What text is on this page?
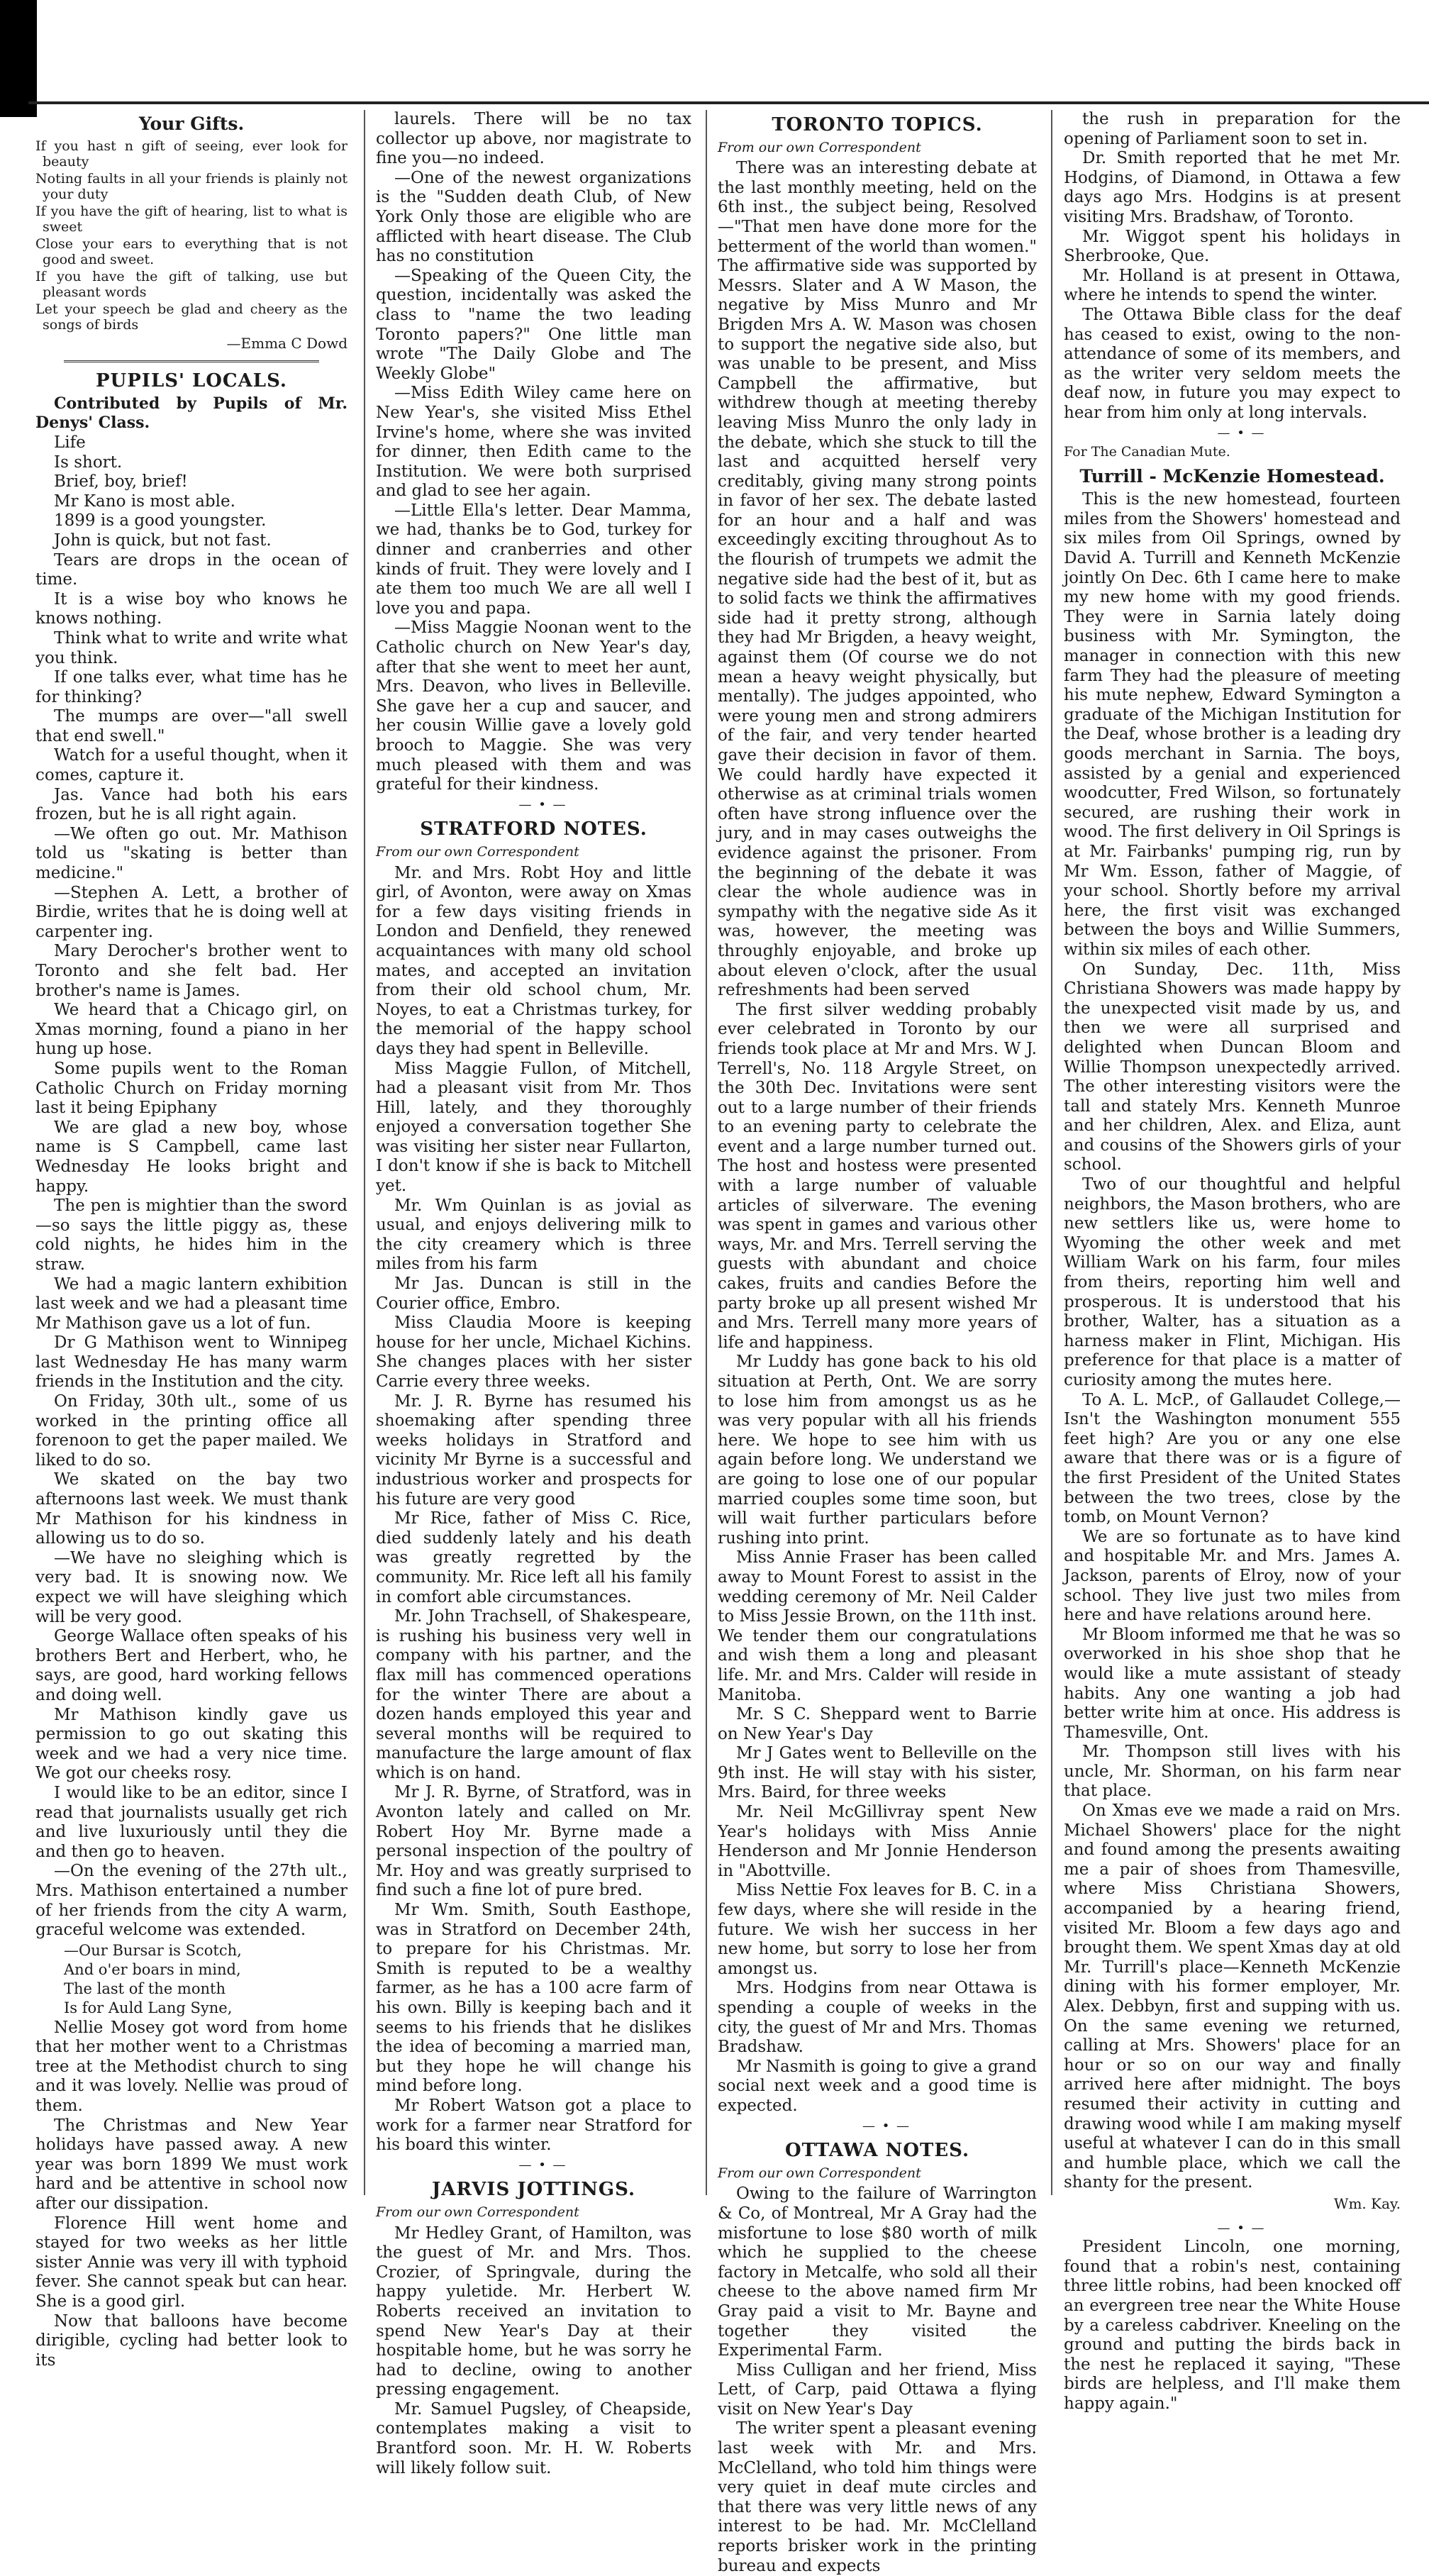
Your Gifts.

If you hast n gift of seeing, ever look for beauty

Noting faults in all your friends is plainly not your duty

If you have the gift of hearing, list to what is sweet

Close your ears to everything that is not good and sweet.

If you have the gift of talking, use but pleasant words

Let your speech be glad and cheery as the songs of birds

—Emma C Dowd

PUPILS' LOCALS.

Contributed by Pupils of Mr. Denys' Class.

Life

Is short.

Brief, boy, brief!

Mr Kano is most able.

1899 is a good youngster.

John is quick, but not fast.

Tears are drops in the ocean of time.

It is a wise boy who knows he knows nothing.

Think what to write and write what you think.

If one talks ever, what time has he for thinking?

The mumps are over—"all swell that end swell."

Watch for a useful thought, when it comes, capture it.

Jas. Vance had both his ears frozen, but he is all right again.

—We often go out. Mr. Mathison told us "skating is better than medicine."

—Stephen A. Lett, a brother of Birdie, writes that he is doing well at carpenter ing.

Mary Derocher's brother went to Toronto and she felt bad. Her brother's name is James.

We heard that a Chicago girl, on Xmas morning, found a piano in her hung up hose.

Some pupils went to the Roman Catholic Church on Friday morning last it being Epiphany

We are glad a new boy, whose name is S Campbell, came last Wednesday He looks bright and happy.

The pen is mightier than the sword—so says the little piggy as, these cold nights, he hides him in the straw.

We had a magic lantern exhibition last week and we had a pleasant time Mr Mathison gave us a lot of fun.

Dr G Mathison went to Winnipeg last Wednesday He has many warm friends in the Institution and the city.

On Friday, 30th ult., some of us worked in the printing office all forenoon to get the paper mailed. We liked to do so.

We skated on the bay two afternoons last week. We must thank Mr Mathison for his kindness in allowing us to do so.

—We have no sleighing which is very bad. It is snowing now. We expect we will have sleighing which will be very good.

George Wallace often speaks of his brothers Bert and Herbert, who, he says, are good, hard working fellows and doing well.

Mr Mathison kindly gave us permission to go out skating this week and we had a very nice time. We got our cheeks rosy.

I would like to be an editor, since I read that journalists usually get rich and live luxuriously until they die and then go to heaven.

—On the evening of the 27th ult., Mrs. Mathison entertained a number of her friends from the city A warm, graceful welcome was extended.

—Our Bursar is Scotch,

And o'er boars in mind,

The last of the month

Is for Auld Lang Syne,

Nellie Mosey got word from home that her mother went to a Christmas tree at the Methodist church to sing and it was lovely. Nellie was proud of them.

The Christmas and New Year holidays have passed away. A new year was born 1899 We must work hard and be attentive in school now after our dissipation.

Florence Hill went home and stayed for two weeks as her little sister Annie was very ill with typhoid fever. She cannot speak but can hear. She is a good girl.

Now that balloons have become dirigible, cycling had better look to its

laurels. There will be no tax collector up above, nor magistrate to fine you—no indeed.

—One of the newest organizations is the "Sudden death Club, of New York Only those are eligible who are afflicted with heart disease. The Club has no constitution

—Speaking of the Queen City, the question, incidentally was asked the class to "name the two leading Toronto papers?" One little man wrote "The Daily Globe and The Weekly Globe"

—Miss Edith Wiley came here on New Year's, she visited Miss Ethel Irvine's home, where she was invited for dinner, then Edith came to the Institution. We were both surprised and glad to see her again.

—Little Ella's letter. Dear Mamma, we had, thanks be to God, turkey for dinner and cranberries and other kinds of fruit. They were lovely and I ate them too much We are all well I love you and papa.

—Miss Maggie Noonan went to the Catholic church on New Year's day, after that she went to meet her aunt, Mrs. Deavon, who lives in Belleville. She gave her a cup and saucer, and her cousin Willie gave a lovely gold brooch to Maggie. She was very much pleased with them and was grateful for their kindness.

— • —

STRATFORD NOTES.

From our own Correspondent

Mr. and Mrs. Robt Hoy and little girl, of Avonton, were away on Xmas for a few days visiting friends in London and Denfield, they renewed acquaintances with many old school mates, and accepted an invitation from their old school chum, Mr. Noyes, to eat a Christmas turkey, for the memorial of the happy school days they had spent in Belleville.

Miss Maggie Fullon, of Mitchell, had a pleasant visit from Mr. Thos Hill, lately, and they thoroughly enjoyed a conversation together She was visiting her sister near Fullarton, I don't know if she is back to Mitchell yet.

Mr. Wm Quinlan is as jovial as usual, and enjoys delivering milk to the city creamery which is three miles from his farm

Mr Jas. Duncan is still in the Courier office, Embro.

Miss Claudia Moore is keeping house for her uncle, Michael Kichins. She changes places with her sister Carrie every three weeks.

Mr. J. R. Byrne has resumed his shoemaking after spending three weeks holidays in Stratford and vicinity Mr Byrne is a successful and industrious worker and prospects for his future are very good

Mr Rice, father of Miss C. Rice, died suddenly lately and his death was greatly regretted by the community. Mr. Rice left all his family in comfort able circumstances.

Mr. John Trachsell, of Shakespeare, is rushing his business very well in company with his partner, and the flax mill has commenced operations for the winter There are about a dozen hands employed this year and several months will be required to manufacture the large amount of flax which is on hand.

Mr J. R. Byrne, of Stratford, was in Avonton lately and called on Mr. Robert Hoy Mr. Byrne made a personal inspection of the poultry of Mr. Hoy and was greatly surprised to find such a fine lot of pure bred.

Mr Wm. Smith, South Easthope, was in Stratford on December 24th, to prepare for his Christmas. Mr. Smith is reputed to be a wealthy farmer, as he has a 100 acre farm of his own. Billy is keeping bach and it seems to his friends that he dislikes the idea of becoming a married man, but they hope he will change his mind before long.

Mr Robert Watson got a place to work for a farmer near Stratford for his board this winter.

— • —

JARVIS JOTTINGS.

From our own Correspondent

Mr Hedley Grant, of Hamilton, was the guest of Mr. and Mrs. Thos. Crozier, of Springvale, during the happy yuletide. Mr. Herbert W. Roberts received an invitation to spend New Year's Day at their hospitable home, but he was sorry he had to decline, owing to another pressing engagement.

Mr. Samuel Pugsley, of Cheapside, contemplates making a visit to Brantford soon. Mr. H. W. Roberts will likely follow suit.

TORONTO TOPICS.

From our own Correspondent

There was an interesting debate at the last monthly meeting, held on the 6th inst., the subject being, Resolved—"That men have done more for the betterment of the world than women." The affirmative side was supported by Messrs. Slater and A W Mason, the negative by Miss Munro and Mr Brigden Mrs A. W. Mason was chosen to support the negative side also, but was unable to be present, and Miss Campbell the affirmative, but withdrew though at meeting thereby leaving Miss Munro the only lady in the debate, which she stuck to till the last and acquitted herself very creditably, giving many strong points in favor of her sex. The debate lasted for an hour and a half and was exceedingly exciting throughout As to the flourish of trumpets we admit the negative side had the best of it, but as to solid facts we think the affirmatives side had it pretty strong, although they had Mr Brigden, a heavy weight, against them (Of course we do not mean a heavy weight physically, but mentally). The judges appointed, who were young men and strong admirers of the fair, and very tender hearted gave their decision in favor of them. We could hardly have expected it otherwise as at criminal trials women often have strong influence over the jury, and in may cases outweighs the evidence against the prisoner. From the beginning of the debate it was clear the whole audience was in sympathy with the negative side As it was, however, the meeting was throughly enjoyable, and broke up about eleven o'clock, after the usual refreshments had been served

The first silver wedding probably ever celebrated in Toronto by our friends took place at Mr and Mrs. W J. Terrell's, No. 118 Argyle Street, on the 30th Dec. Invitations were sent out to a large number of their friends to an evening party to celebrate the event and a large number turned out. The host and hostess were presented with a large number of valuable articles of silverware. The evening was spent in games and various other ways, Mr. and Mrs. Terrell serving the guests with abundant and choice cakes, fruits and candies Before the party broke up all present wished Mr and Mrs. Terrell many more years of life and happiness.

Mr Luddy has gone back to his old situation at Perth, Ont. We are sorry to lose him from amongst us as he was very popular with all his friends here. We hope to see him with us again before long. We understand we are going to lose one of our popular married couples some time soon, but will wait further particulars before rushing into print.

Miss Annie Fraser has been called away to Mount Forest to assist in the wedding ceremony of Mr. Neil Calder to Miss Jessie Brown, on the 11th inst. We tender them our congratulations and wish them a long and pleasant life. Mr. and Mrs. Calder will reside in Manitoba.

Mr. S C. Sheppard went to Barrie on New Year's Day

Mr J Gates went to Belleville on the 9th inst. He will stay with his sister, Mrs. Baird, for three weeks

Mr. Neil McGillivray spent New Year's holidays with Miss Annie Henderson and Mr Jonnie Henderson in "Abottville.

Miss Nettie Fox leaves for B. C. in a few days, where she will reside in the future. We wish her success in her new home, but sorry to lose her from amongst us.

Mrs. Hodgins from near Ottawa is spending a couple of weeks in the city, the guest of Mr and Mrs. Thomas Bradshaw.

Mr Nasmith is going to give a grand social next week and a good time is expected.

— • —

OTTAWA NOTES.

From our own Correspondent

Owing to the failure of Warrington & Co, of Montreal, Mr A Gray had the misfortune to lose $80 worth of milk which he supplied to the cheese factory in Metcalfe, who sold all their cheese to the above named firm Mr Gray paid a visit to Mr. Bayne and together they visited the Experimental Farm.

Miss Culligan and her friend, Miss Lett, of Carp, paid Ottawa a flying visit on New Year's Day

The writer spent a pleasant evening last week with Mr. and Mrs. McClelland, who told him things were very quiet in deaf mute circles and that there was very little news of any interest to be had. Mr. McClelland reports brisker work in the printing bureau and expects

the rush in preparation for the opening of Parliament soon to set in.

Dr. Smith reported that he met Mr. Hodgins, of Diamond, in Ottawa a few days ago Mrs. Hodgins is at present visiting Mrs. Bradshaw, of Toronto.

Mr. Wiggot spent his holidays in Sherbrooke, Que.

Mr. Holland is at present in Ottawa, where he intends to spend the winter.

The Ottawa Bible class for the deaf has ceased to exist, owing to the non-attendance of some of its members, and as the writer very seldom meets the deaf now, in future you may expect to hear from him only at long intervals.

— • —

For The Canadian Mute.

Turrill - McKenzie Homestead.

This is the new homestead, fourteen miles from the Showers' homestead and six miles from Oil Springs, owned by David A. Turrill and Kenneth McKenzie jointly On Dec. 6th I came here to make my new home with my good friends. They were in Sarnia lately doing business with Mr. Symington, the manager in connection with this new farm They had the pleasure of meeting his mute nephew, Edward Symington a graduate of the Michigan Institution for the Deaf, whose brother is a leading dry goods merchant in Sarnia. The boys, assisted by a genial and experienced woodcutter, Fred Wilson, so fortunately secured, are rushing their work in wood. The first delivery in Oil Springs is at Mr. Fairbanks' pumping rig, run by Mr Wm. Esson, father of Maggie, of your school. Shortly before my arrival here, the first visit was exchanged between the boys and Willie Summers, within six miles of each other.

On Sunday, Dec. 11th, Miss Christiana Showers was made happy by the unexpected visit made by us, and then we were all surprised and delighted when Duncan Bloom and Willie Thompson unexpectedly arrived. The other interesting visitors were the tall and stately Mrs. Kenneth Munroe and her children, Alex. and Eliza, aunt and cousins of the Showers girls of your school.

Two of our thoughtful and helpful neighbors, the Mason brothers, who are new settlers like us, were home to Wyoming the other week and met William Wark on his farm, four miles from theirs, reporting him well and prosperous. It is understood that his brother, Walter, has a situation as a harness maker in Flint, Michigan. His preference for that place is a matter of curiosity among the mutes here.

To A. L. McP., of Gallaudet College,—Isn't the Washington monument 555 feet high? Are you or any one else aware that there was or is a figure of the first President of the United States between the two trees, close by the tomb, on Mount Vernon?

We are so fortunate as to have kind and hospitable Mr. and Mrs. James A. Jackson, parents of Elroy, now of your school. They live just two miles from here and have relations around here.

Mr Bloom informed me that he was so overworked in his shoe shop that he would like a mute assistant of steady habits. Any one wanting a job had better write him at once. His address is Thamesville, Ont.

Mr. Thompson still lives with his uncle, Mr. Shorman, on his farm near that place.

On Xmas eve we made a raid on Mrs. Michael Showers' place for the night and found among the presents awaiting me a pair of shoes from Thamesville, where Miss Christiana Showers, accompanied by a hearing friend, visited Mr. Bloom a few days ago and brought them. We spent Xmas day at old Mr. Turrill's place—Kenneth McKenzie dining with his former employer, Mr. Alex. Debbyn, first and supping with us. On the same evening we returned, calling at Mrs. Showers' place for an hour or so on our way and finally arrived here after midnight. The boys resumed their activity in cutting and drawing wood while I am making myself useful at whatever I can do in this small and humble place, which we call the shanty for the present.

Wm. Kay.

— • —

President Lincoln, one morning, found that a robin's nest, containing three little robins, had been knocked off an evergreen tree near the White House by a careless cabdriver. Kneeling on the ground and putting the birds back in the nest he replaced it saying, "These birds are helpless, and I'll make them happy again."
